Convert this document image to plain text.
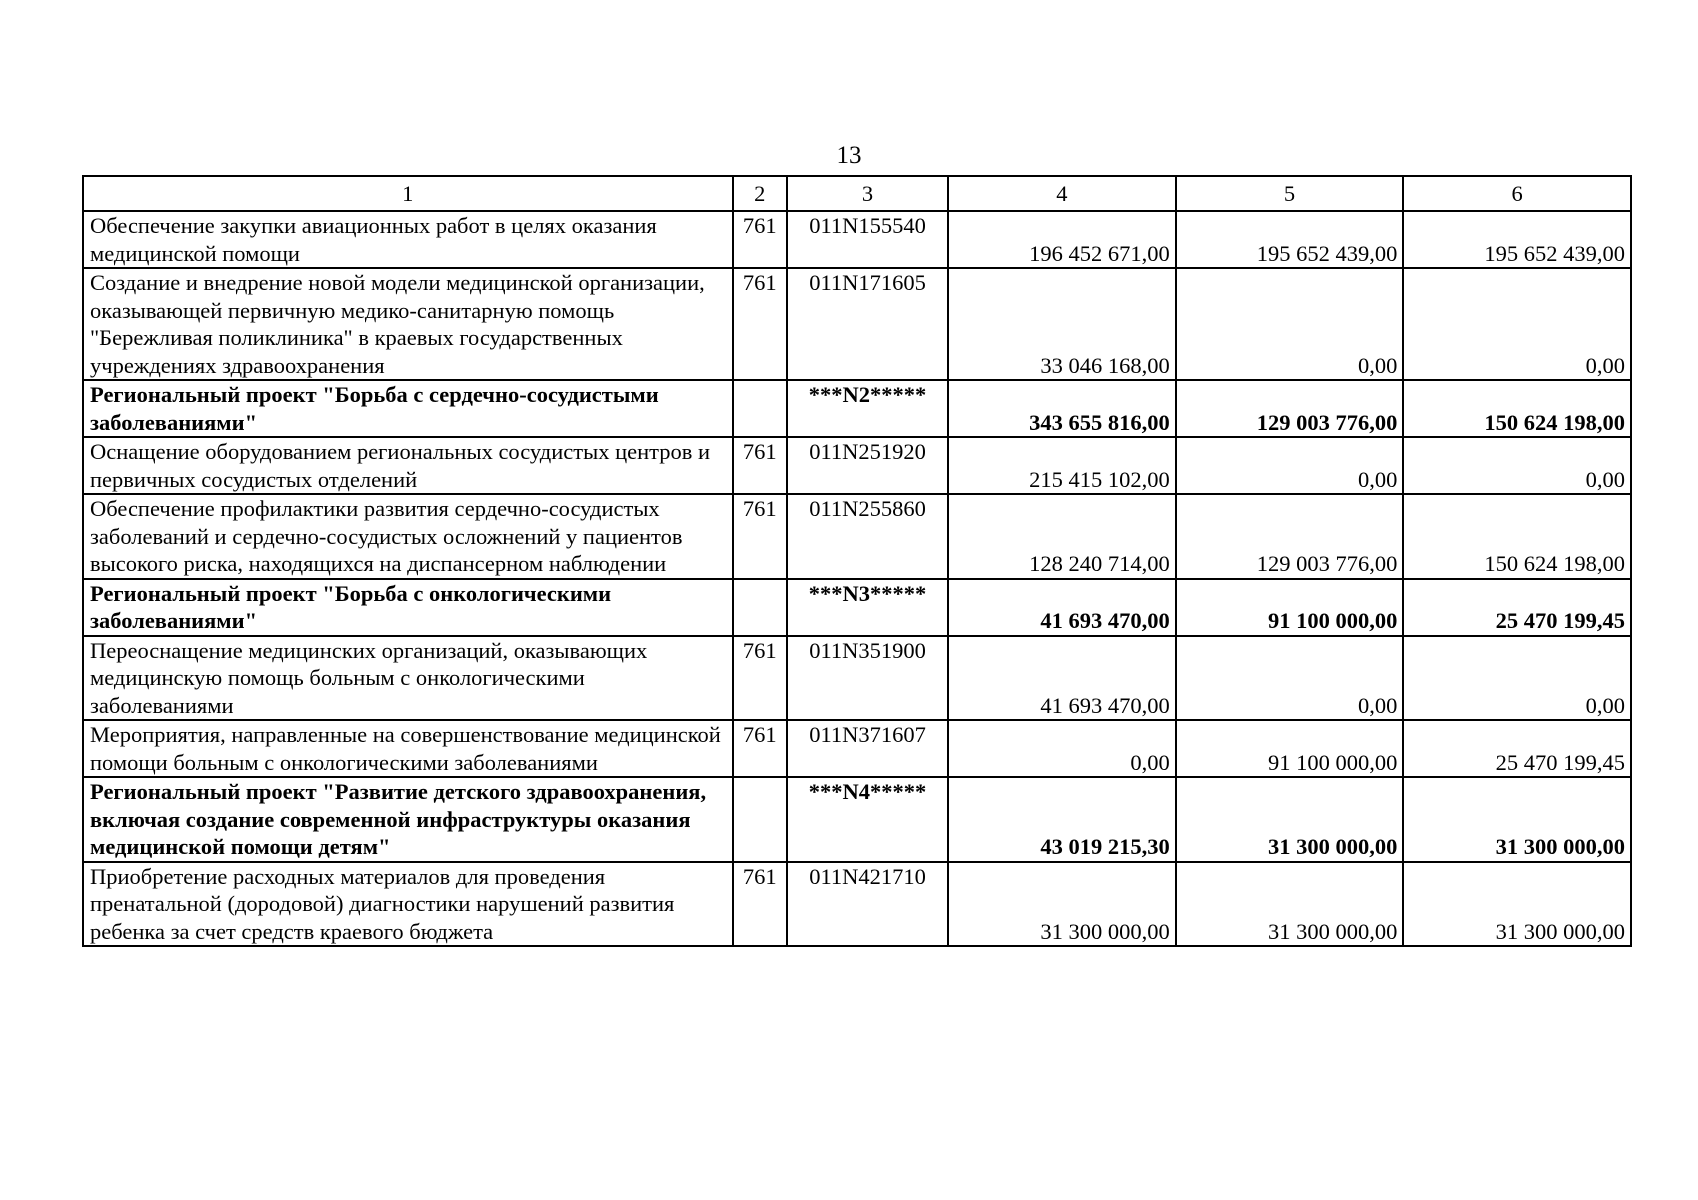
13
1	2	3	4	5	6
Обеспечение закупки авиационных работ в целях оказания медицинской помощи	761	011N155540	196 452 671,00	195 652 439,00	195 652 439,00
Создание и внедрение новой модели медицинской организации, оказывающей первичную медико-санитарную помощь "Бережливая поликлиника" в краевых государственных учреждениях здравоохранения	761	011N171605	33 046 168,00	0,00	0,00
Региональный проект "Борьба с сердечно-сосудистыми заболеваниями"		***N2*****	343 655 816,00	129 003 776,00	150 624 198,00
Оснащение оборудованием региональных сосудистых центров и первичных сосудистых отделений	761	011N251920	215 415 102,00	0,00	0,00
Обеспечение профилактики развития сердечно-сосудистых заболеваний и сердечно-сосудистых осложнений у пациентов высокого риска, находящихся на диспансерном наблюдении	761	011N255860	128 240 714,00	129 003 776,00	150 624 198,00
Региональный проект "Борьба с онкологическими заболеваниями"		***N3*****	41 693 470,00	91 100 000,00	25 470 199,45
Переоснащение медицинских организаций, оказывающих медицинскую помощь больным с онкологическими заболеваниями	761	011N351900	41 693 470,00	0,00	0,00
Мероприятия, направленные на совершенствование медицинской помощи больным с онкологическими заболеваниями	761	011N371607	0,00	91 100 000,00	25 470 199,45
Региональный проект "Развитие детского здравоохранения, включая создание современной инфраструктуры оказания медицинской помощи детям"		***N4*****	43 019 215,30	31 300 000,00	31 300 000,00
Приобретение расходных материалов для проведения пренатальной (дородовой) диагностики нарушений развития ребенка за счет средств краевого бюджета	761	011N421710	31 300 000,00	31 300 000,00	31 300 000,00
